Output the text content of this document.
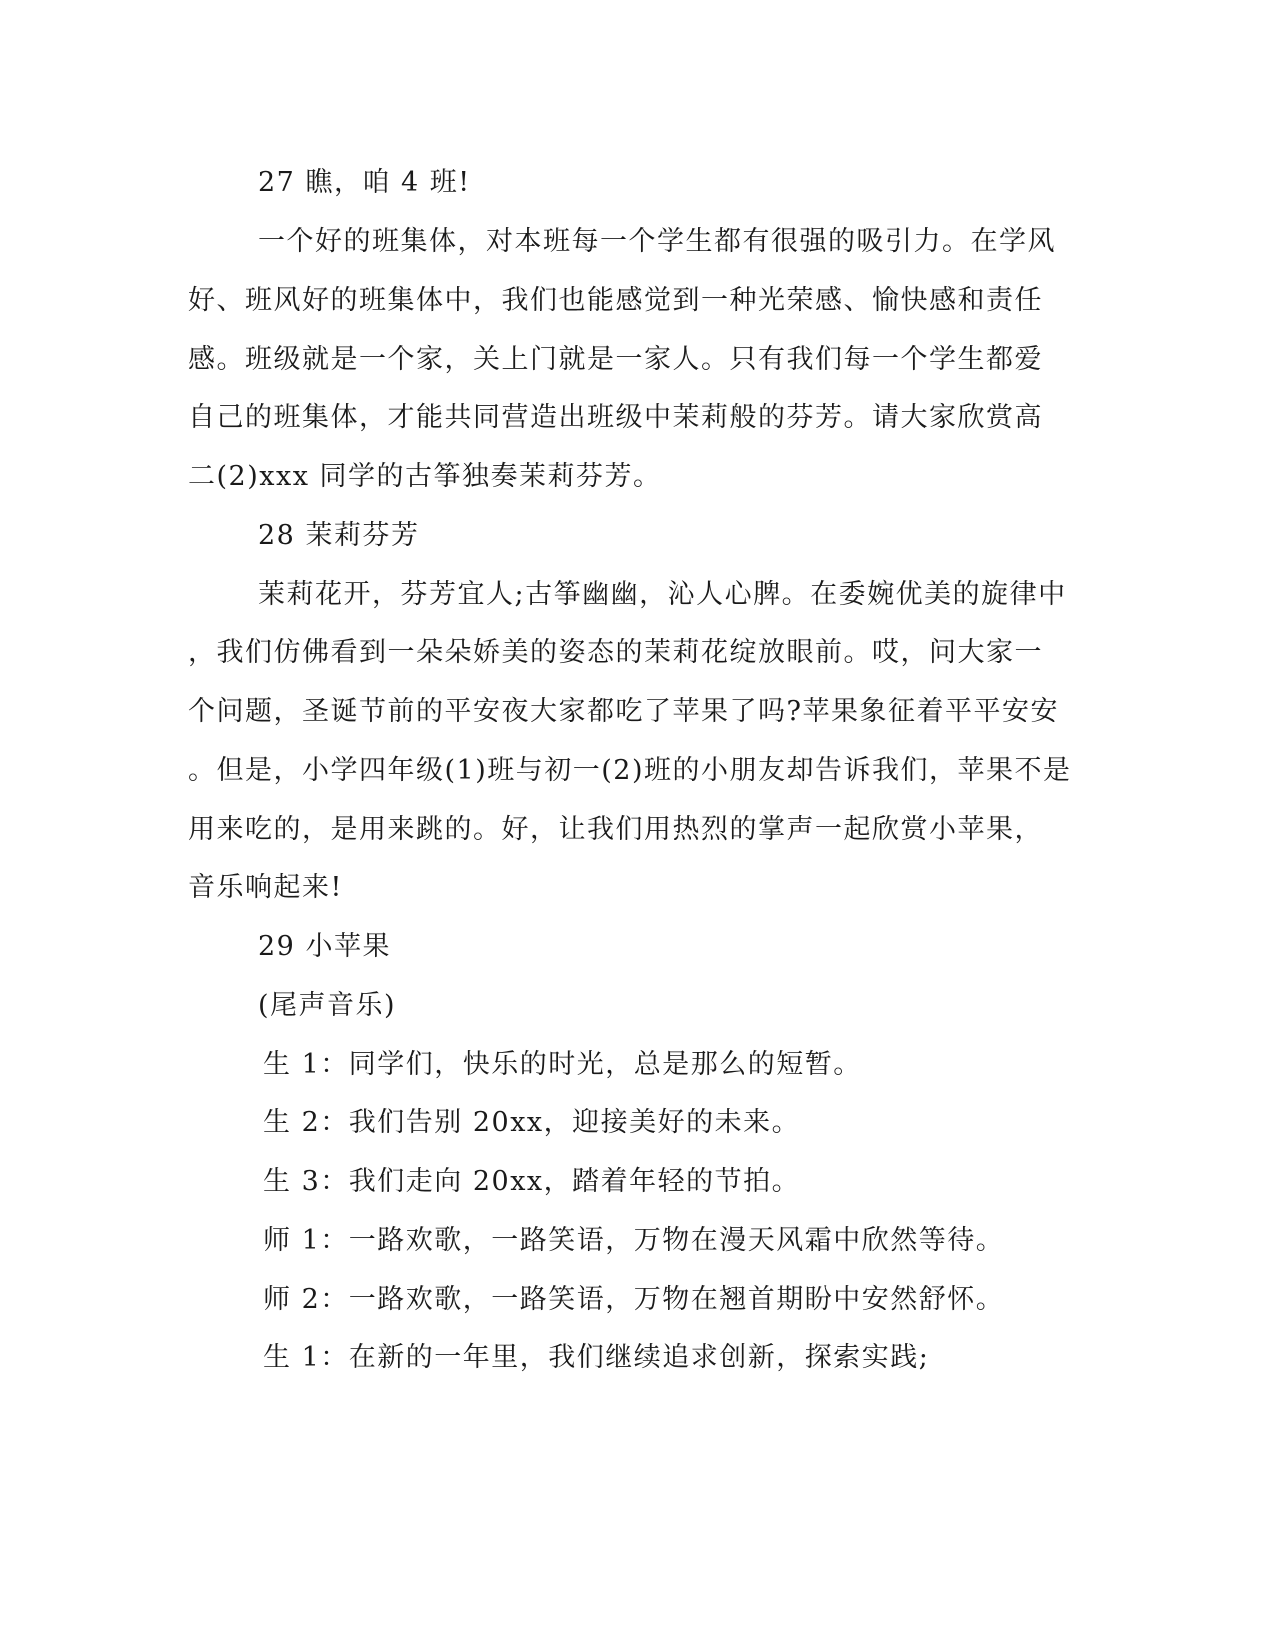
27 瞧，咱 4 班!
一个好的班集体，对本班每一个学生都有很强的吸引力。在学风
好、班风好的班集体中，我们也能感觉到一种光荣感、愉快感和责任
感。班级就是一个家，关上门就是一家人。只有我们每一个学生都爱
自己的班集体，才能共同营造出班级中茉莉般的芬芳。请大家欣赏高
二(2)xxx 同学的古筝独奏茉莉芬芳。
28 茉莉芬芳
茉莉花开，芬芳宜人;古筝幽幽，沁人心脾。在委婉优美的旋律中
，我们仿佛看到一朵朵娇美的姿态的茉莉花绽放眼前。哎，问大家一
个问题，圣诞节前的平安夜大家都吃了苹果了吗?苹果象征着平平安安
。但是，小学四年级(1)班与初一(2)班的小朋友却告诉我们，苹果不是
用来吃的，是用来跳的。好，让我们用热烈的掌声一起欣赏小苹果，
音乐响起来!
29 小苹果
(尾声音乐)
生 1：同学们，快乐的时光，总是那么的短暂。
生 2：我们告别 20xx，迎接美好的未来。
生 3：我们走向 20xx，踏着年轻的节拍。
师 1：一路欢歌，一路笑语，万物在漫天风霜中欣然等待。
师 2：一路欢歌，一路笑语，万物在翘首期盼中安然舒怀。
生 1：在新的一年里，我们继续追求创新，探索实践;
